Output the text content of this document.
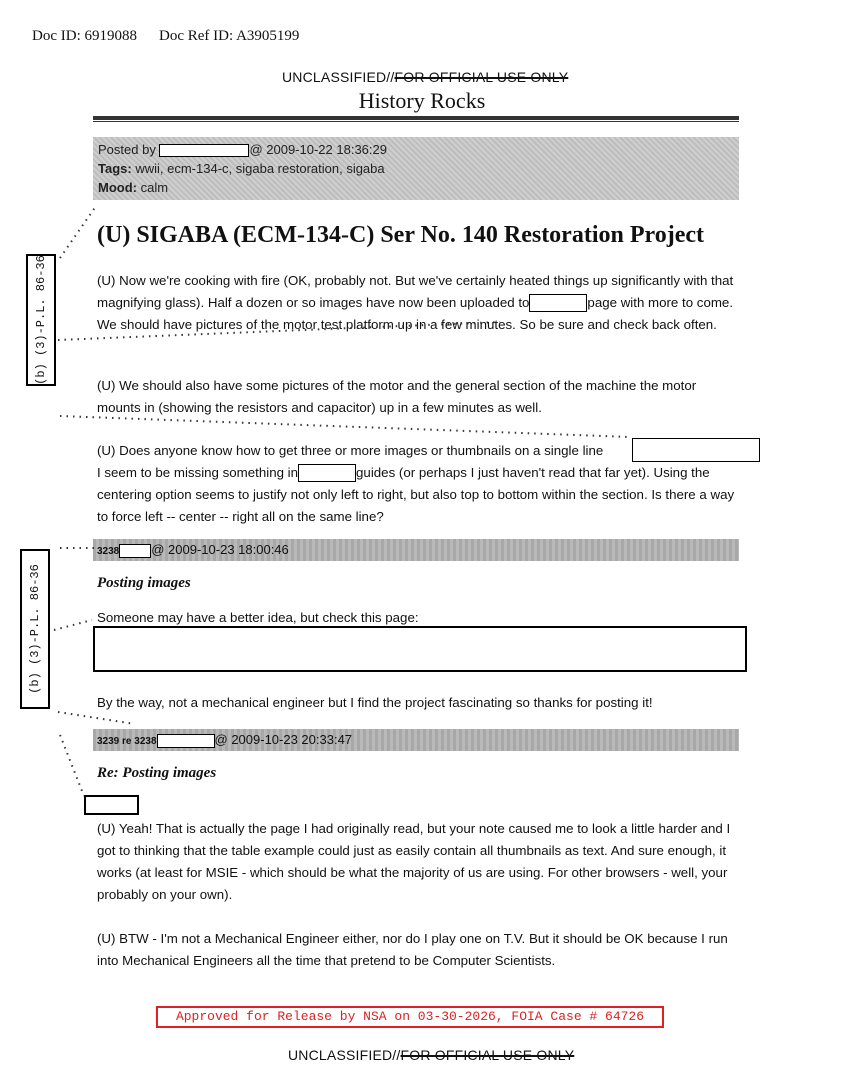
Doc ID: 6919088 Doc Ref ID: A3905199
UNCLASSIFIED//FOR OFFICIAL USE ONLY
History Rocks
Posted by	@ 2009-10-22 18:36:29
Tags: wwii, ecm-134-c, sigaba restoration, sigaba
Mood: calm
(U) SIGABA (ECM-134-C) Ser No. 140 Restoration Project
(U) Now we're cooking with fire (OK, probably not. But we've certainly heated things up significantly with that magnifying glass). Half a dozen or so images have now been uploaded to	page with more to come. We should have pictures of the motor test platform up in a few minutes. So be sure and check back often.
(U) We should also have some pictures of the motor and the general section of the machine the motor mounts in (showing the resistors and capacitor) up in a few minutes as well.
(U) Does anyone know how to get three or more images or thumbnails on a single line
I seem to be missing something in	guides (or perhaps I just haven't read that far yet). Using the centering option seems to justify not only left to right, but also top to bottom within the section. Is there a way to force left -- center -- right all on the same line?
3238 @ 2009-10-23 18:00:46
Posting images
Someone may have a better idea, but check this page:
By the way, not a mechanical engineer but I find the project fascinating so thanks for posting it!
3239 re 3238	@ 2009-10-23 20:33:47
Re: Posting images
(U) Yeah! That is actually the page I had originally read, but your note caused me to look a little harder and I got to thinking that the table example could just as easily contain all thumbnails as text. And sure enough, it works (at least for MSIE - which should be what the majority of us are using. For other browsers - well, your probably on your own).
(U) BTW - I'm not a Mechanical Engineer either, nor do I play one on T.V. But it should be OK because I run into Mechanical Engineers all the time that pretend to be Computer Scientists.
(b) (3)-P.L. 86-36
(b) (3)-P.L. 86-36
Approved for Release by NSA on 03-30-2026, FOIA Case # 64726
UNCLASSIFIED//FOR OFFICIAL USE ONLY
